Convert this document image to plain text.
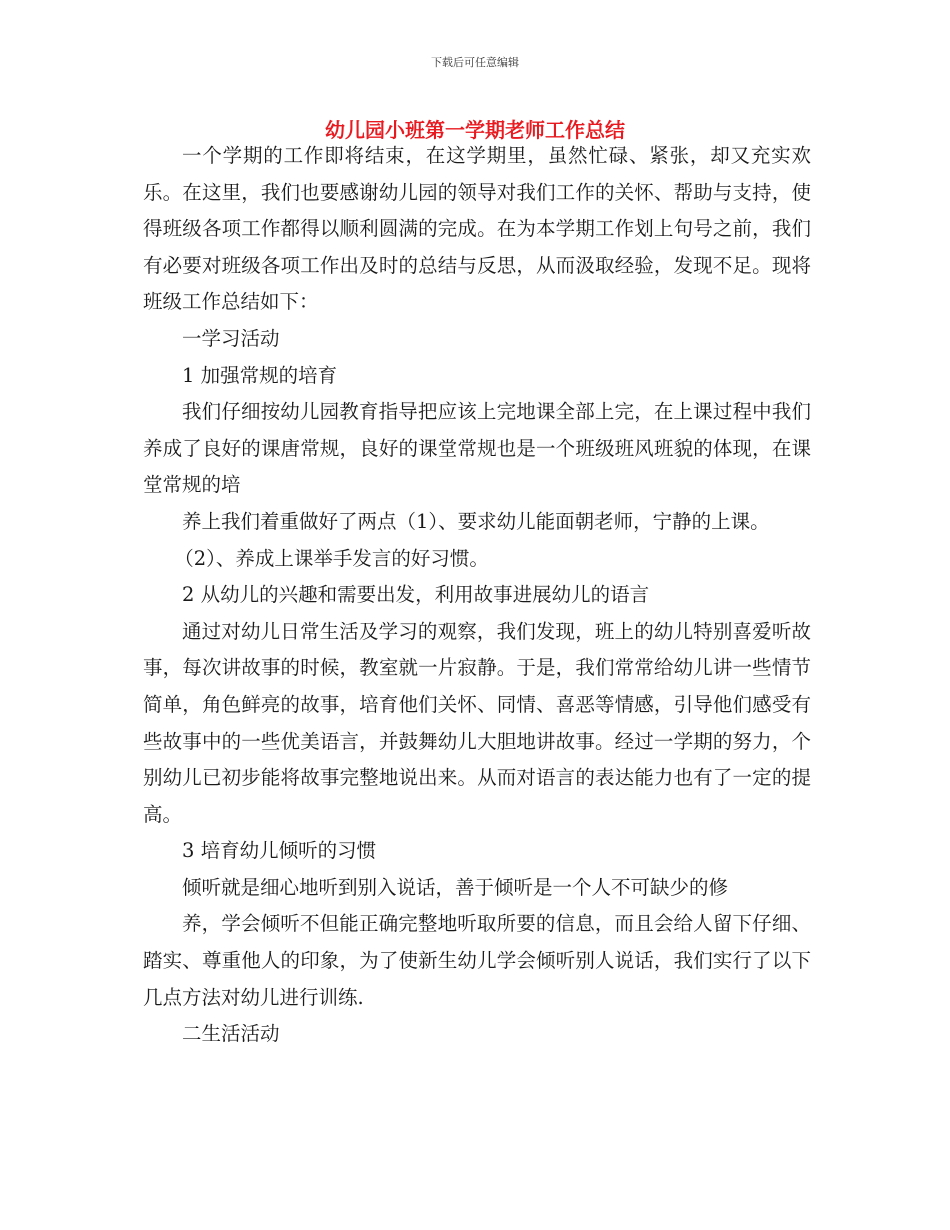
下载后可任意编辑
幼儿园小班第一学期老师工作总结

一个学期的工作即将结束，在这学期里，虽然忙碌、紧张，却又充实欢乐。在这里，我们也要感谢幼儿园的领导对我们工作的关怀、帮助与支持，使得班级各项工作都得以顺利圆满的完成。在为本学期工作划上句号之前，我们有必要对班级各项工作出及时的总结与反思，从而汲取经验，发现不足。现将班级工作总结如下：

一学习活动

1 加强常规的培育

我们仔细按幼儿园教育指导把应该上完地课全部上完，在上课过程中我们养成了良好的课唐常规，良好的课堂常规也是一个班级班风班貌的体现，在课堂常规的培

养上我们着重做好了两点（1）、要求幼儿能面朝老师，宁静的上课。

（2）、养成上课举手发言的好习惯。

2 从幼儿的兴趣和需要出发，利用故事进展幼儿的语言

通过对幼儿日常生活及学习的观察，我们发现，班上的幼儿特别喜爱听故事，每次讲故事的时候，教室就一片寂静。于是，我们常常给幼儿讲一些情节简单，角色鲜亮的故事，培育他们关怀、同情、喜恶等情感，引导他们感受有些故事中的一些优美语言，并鼓舞幼儿大胆地讲故事。经过一学期的努力，个别幼儿已初步能将故事完整地说出来。从而对语言的表达能力也有了一定的提高。

3 培育幼儿倾听的习惯

倾听就是细心地听到别入说话，善于倾听是一个人不可缺少的修

养，学会倾听不但能正确完整地听取所要的信息，而且会给人留下仔细、踏实、尊重他人的印象，为了使新生幼儿学会倾听别人说话，我们实行了以下几点方法对幼儿进行训练.

二生活活动
